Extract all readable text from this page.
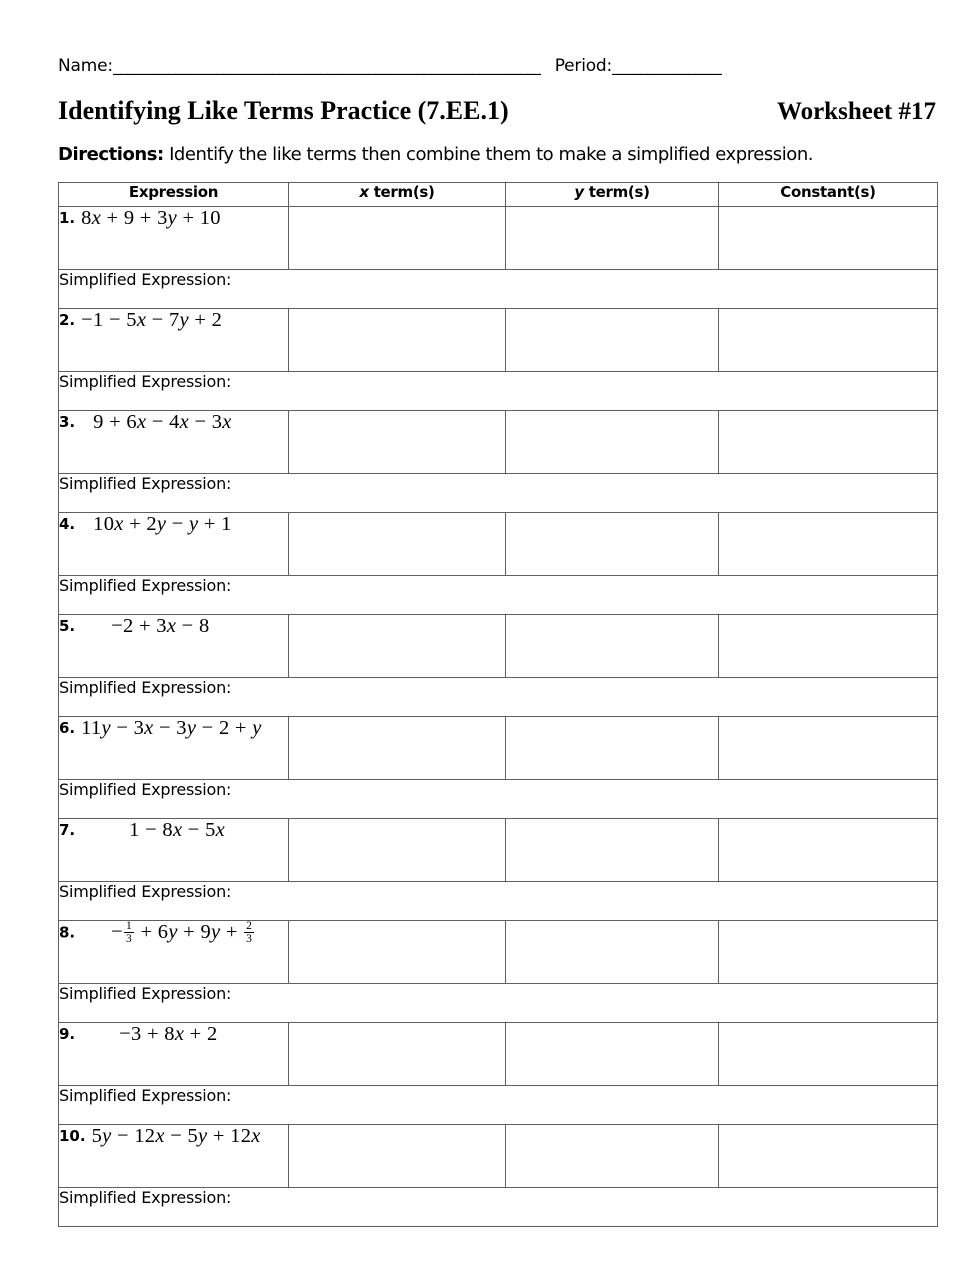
Name: ______________________________________________________________ Period: ________________
Identifying Like Terms Practice (7.EE.1)	Worksheet #17
Directions: Identify the like terms then combine them to make a simplified expression.
Expression	x term(s)	y term(s)	Constant(s)
1. 8x + 9 + 3y + 10			
Simplified Expression:			
2. −1 − 5x − 7y + 2			
Simplified Expression:			
3. 9 + 6x − 4x − 3x			
Simplified Expression:			
4. 10x + 2y − y + 1			
Simplified Expression:			
5. −2 + 3x − 8			
Simplified Expression:			
6. 11y − 3x − 3y − 2 + y			
Simplified Expression:			
7. 1 − 8x − 5x			
Simplified Expression:			
8. − $\frac{1}{3} + 6y + 9y + \frac{2}{3}$

Simplified Expression:			
9. −3 + 8x + 2			
Simplified Expression:			
10. 5y − 12x − 5y + 12x			
Simplified Expression:			
